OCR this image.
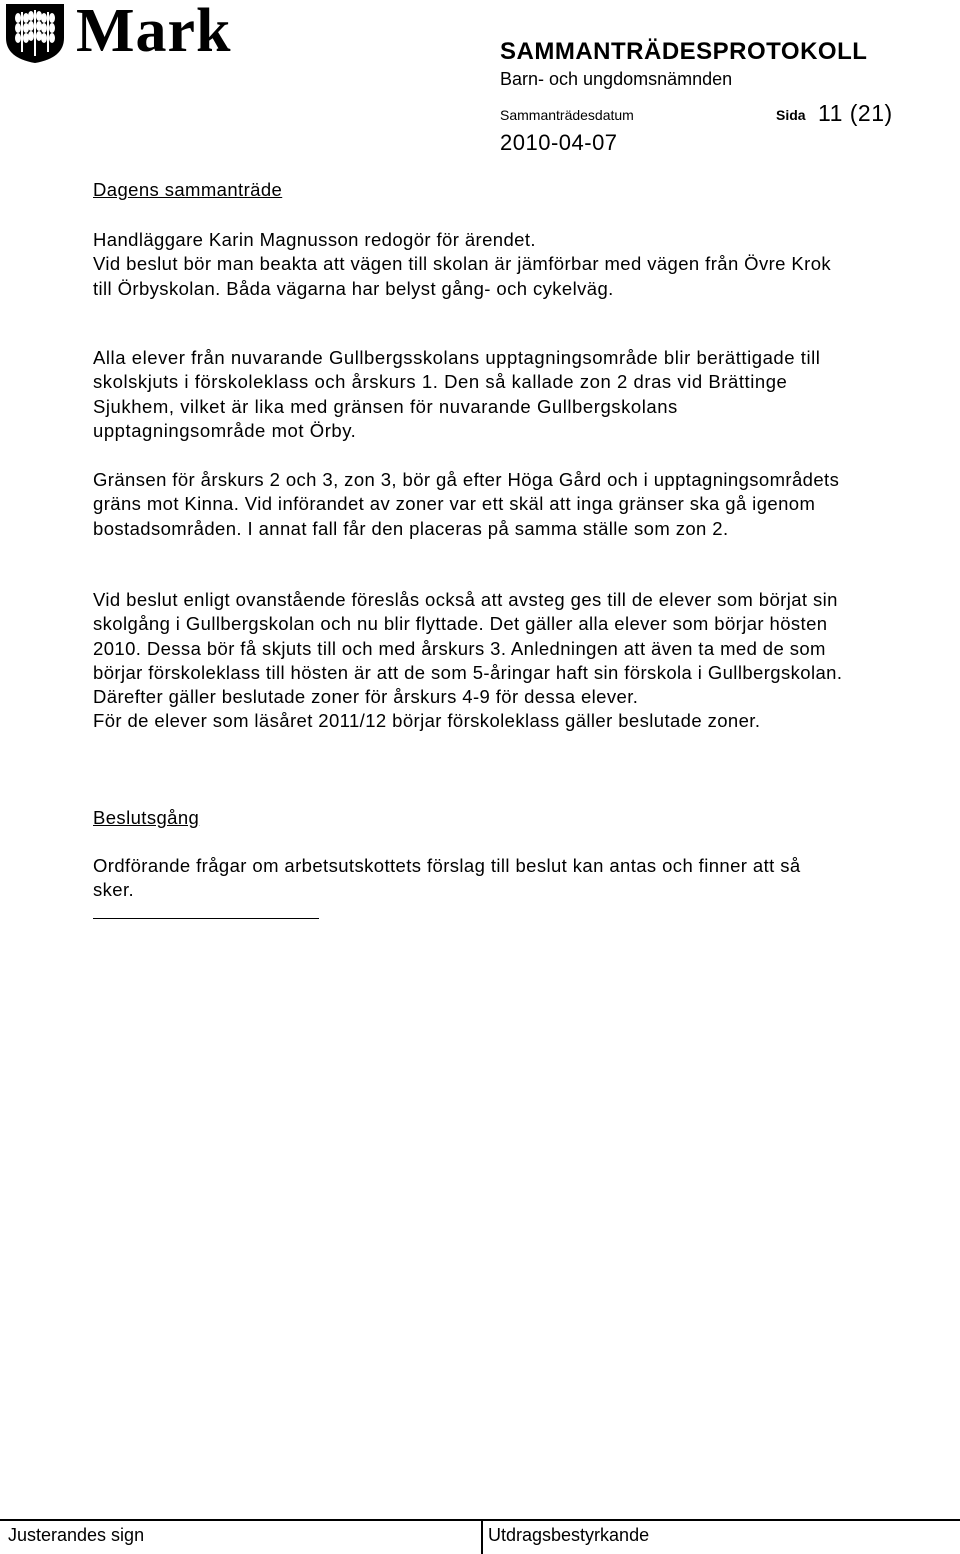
Mark	SAMMANTRÄDESPROTOKOLL
Barn- och ungdomsnämnden
Sammanträdesdatum	Sida 11 (21)
2010-04-07

Dagens sammanträde

Handläggare Karin Magnusson redogör för ärendet.
Vid beslut bör man beakta att vägen till skolan är jämförbar med vägen från Övre Krok till Örbyskolan. Båda vägarna har belyst gång- och cykelväg.

Alla elever från nuvarande Gullbergsskolans upptagningsområde blir berättigade till skolskjuts i förskoleklass och årskurs 1. Den så kallade zon 2 dras vid Brättinge Sjukhem, vilket är lika med gränsen för nuvarande Gullbergskolans upptagningsområde mot Örby.

Gränsen för årskurs 2 och 3, zon 3, bör gå efter Höga Gård och i upptagningsområdets gräns mot Kinna. Vid införandet av zoner var ett skäl att inga gränser ska gå igenom bostadsområden. I annat fall får den placeras på samma ställe som zon 2.

Vid beslut enligt ovanstående föreslås också att avsteg ges till de elever som börjat sin skolgång i Gullbergskolan och nu blir flyttade. Det gäller alla elever som börjar hösten 2010. Dessa bör få skjuts till och med årskurs 3. Anledningen att även ta med de som börjar förskoleklass till hösten är att de som 5-åringar haft sin förskola i Gullbergskolan. Därefter gäller beslutade zoner för årskurs 4-9 för dessa elever.
För de elever som läsåret 2011/12 börjar förskoleklass gäller beslutade zoner.

Beslutsgång

Ordförande frågar om arbetsutskottets förslag till beslut kan antas och finner att så sker.

Justerandes sign	Utdragsbestyrkande
